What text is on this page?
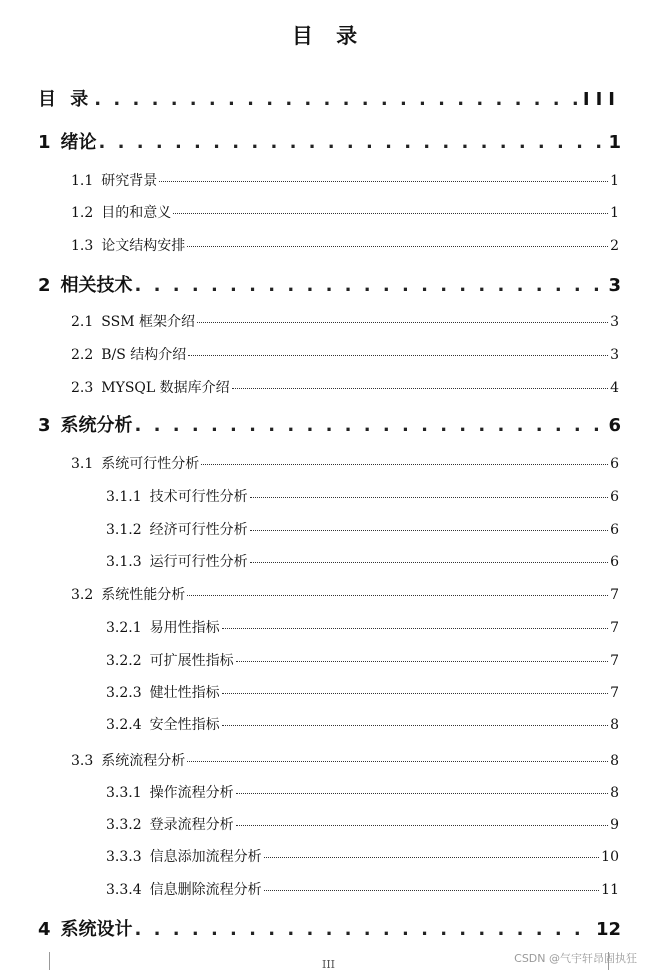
目 录
目 录 . . .	III
1 绪论 . . .	1
1.1 研究背景	1
1.2 目的和意义	1
1.3 论文结构安排	2
2 相关技术 . . .	3
2.1 SSM 框架介绍	3
2.2 B/S 结构介绍	3
2.3 MYSQL 数据库介绍	4
3 系统分析 . . .	6
3.1 系统可行性分析	6
3.1.1 技术可行性分析	6
3.1.2 经济可行性分析	6
3.1.3 运行可行性分析	6
3.2 系统性能分析	7
3.2.1 易用性指标	7
3.2.2 可扩展性指标	7
3.2.3 健壮性指标	7
3.2.4 安全性指标	8
3.3 系统流程分析	8
3.3.1 操作流程分析	8
3.3.2 登录流程分析	9
3.3.3 信息添加流程分析	10
3.3.4 信息删除流程分析	11
4 系统设计 . . .	12
III	CSDN @气宇轩昂固执狂
